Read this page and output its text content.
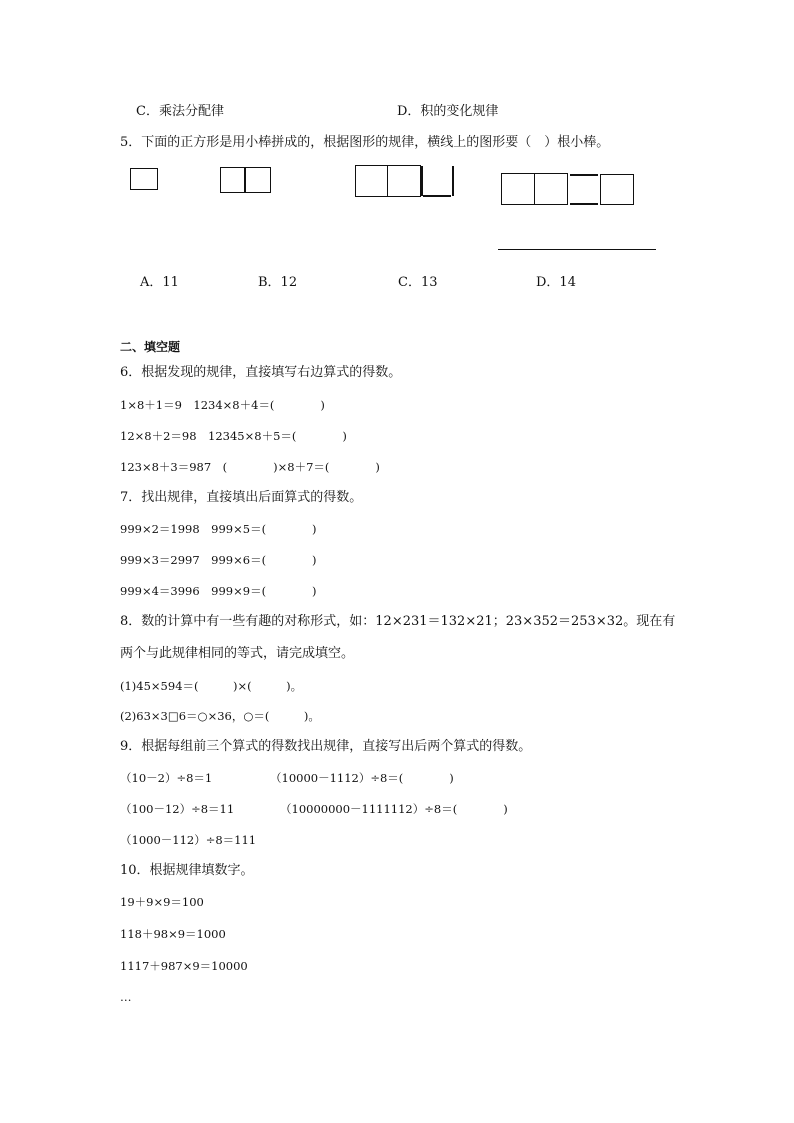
C．乘法分配律	D．积的变化规律
5．下面的正方形是用小棒拼成的，根据图形的规律，横线上的图形要（　）根小棒。
A．11	B．12	C．13	D．14
二、填空题
6．根据发现的规律，直接填写右边算式的得数。
1×8＋1＝9　1234×8＋4＝(　　　　)
12×8＋2＝98　12345×8＋5＝(　　　　)
123×8＋3＝987　(　　　　)×8＋7＝(　　　　)
7．找出规律，直接填出后面算式的得数。
999×2＝1998　999×5＝(　　　　)
999×3＝2997　999×6＝(　　　　)
999×4＝3996　999×9＝(　　　　)
8．数的计算中有一些有趣的对称形式，如：12×231＝132×21；23×352＝253×32。现在有
两个与此规律相同的等式，请完成填空。
(1)45×594＝(　　　)×(　　　)。
(2)63×3□6＝○×36，○＝(　　　)。
9．根据每组前三个算式的得数找出规律，直接写出后两个算式的得数。
（10－2）÷8＝1	（10000－1112）÷8＝(　　　　)
（100－12）÷8＝11	（10000000－1111112）÷8＝(　　　　)
（1000－112）÷8＝111
10．根据规律填数字。
19＋9×9＝100
118＋98×9＝1000
1117＋987×9＝10000
…
